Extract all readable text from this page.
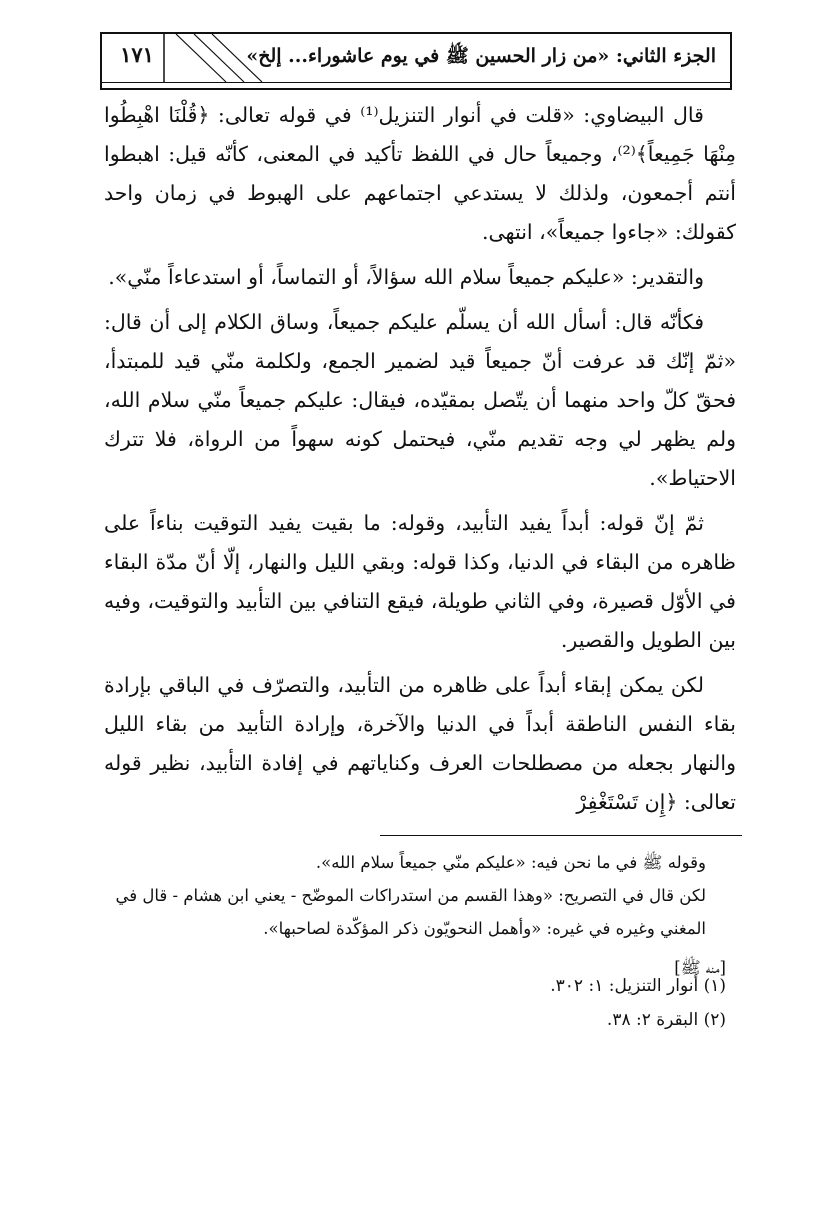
١٧١	الجزء الثاني: «من زار الحسين ﷺ في يوم عاشوراء... إلخ»

قال البيضاوي: «قلت في أنوار التنزيل⁽¹⁾ في قوله تعالى: ﴿قُلْنَا اهْبِطُوا مِنْهَا جَمِيعاً﴾⁽²⁾، وجميعاً حال في اللفظ تأكيد في المعنى، كأنّه قيل: اهبطوا أنتم أجمعون، ولذلك لا يستدعي اجتماعهم على الهبوط في زمان واحد كقولك: «جاءوا جميعاً»، انتهى.

والتقدير: «عليكم جميعاً سلام الله سؤالاً، أو التماساً، أو استدعاءاً منّي».

فكأنّه قال: أسأل الله أن يسلّم عليكم جميعاً، وساق الكلام إلى أن قال: «ثمّ إنّك قد عرفت أنّ جميعاً قيد لضمير الجمع، ولكلمة منّي قيد للمبتدأ، فحقّ كلّ واحد منهما أن يتّصل بمقيّده، فيقال: عليكم جميعاً منّي سلام الله، ولم يظهر لي وجه تقديم منّي، فيحتمل كونه سهواً من الرواة، فلا تترك الاحتياط».

ثمّ إنّ قوله: أبداً يفيد التأبيد، وقوله: ما بقيت يفيد التوقيت بناءاً على ظاهره من البقاء في الدنيا، وكذا قوله: وبقي الليل والنهار، إلّا أنّ مدّة البقاء في الأوّل قصيرة، وفي الثاني طويلة، فيقع التنافي بين التأبيد والتوقيت، وفيه بين الطويل والقصير.

لكن يمكن إبقاء أبداً على ظاهره من التأبيد، والتصرّف في الباقي بإرادة بقاء النفس الناطقة أبداً في الدنيا والآخرة، وإرادة التأبيد من بقاء الليل والنهار بجعله من مصطلحات العرف وكناياتهم في إفادة التأبيد، نظير قوله تعالى: ﴿إِن تَسْتَغْفِرْ

وقوله ﷺ في ما نحن فيه: «عليكم منّي جميعاً سلام الله».

لكن قال في التصريح: «وهذا القسم من استدراكات الموضّح - يعني ابن هشام - قال في المغني وغيره في غيره: «وأهمل النحويّون ذكر المؤكّدة لصاحبها».

[منه ﷺ]

(١) أنوار التنزيل: ١: ٣٠٢.

(٢) البقرة ٢: ٣٨.
